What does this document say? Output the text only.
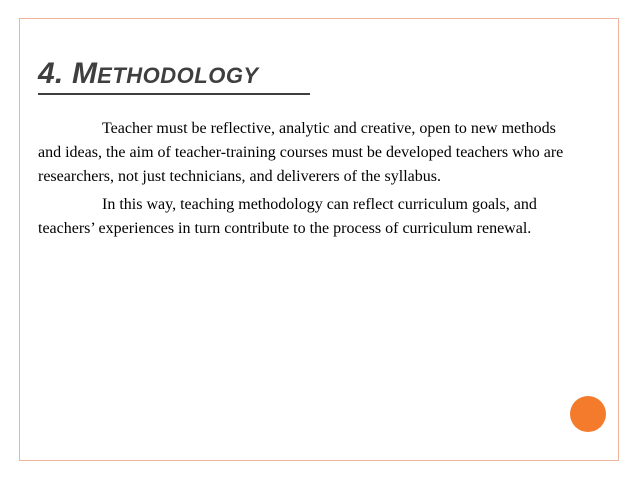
4. METHODOLOGY

Teacher must be reflective, analytic and creative, open to new methods

and ideas, the aim of teacher-training courses must be developed teachers who are

researchers, not just technicians, and deliverers of the syllabus.

In this way, teaching methodology can reflect curriculum goals, and

teachers’ experiences in turn contribute to the process of curriculum renewal.
